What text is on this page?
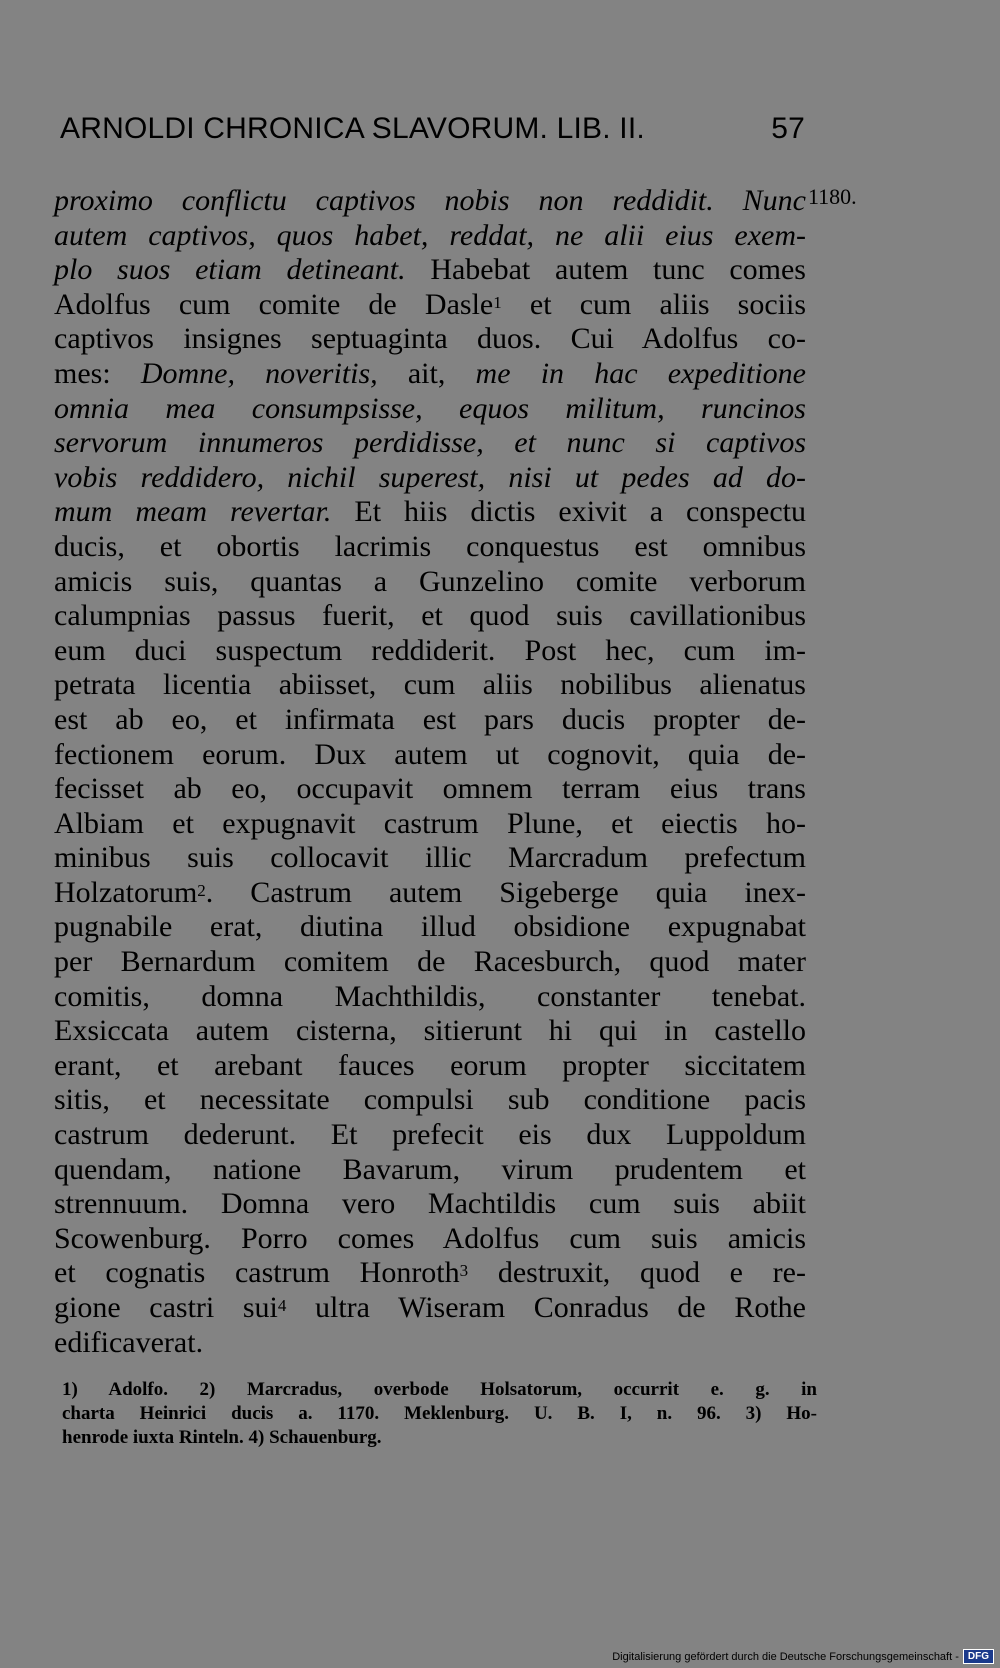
ARNOLDI CHRONICA SLAVORUM. LIB. II.	57
1180.
proximo conflictu captivos nobis non reddidit. Nunc
autem captivos, quos habet, reddat, ne alii eius exem-
plo suos etiam detineant. Habebat autem tunc comes
Adolfus cum comite de Dasle$^1$ et cum aliis sociis
captivos insignes septuaginta duos. Cui Adolfus co-
mes: Domne, noveritis, ait, me in hac expeditione
omnia mea consumpsisse, equos militum, runcinos
servorum innumeros perdidisse, et nunc si captivos
vobis reddidero, nichil superest, nisi ut pedes ad do-
mum meam revertar. Et hiis dictis exivit a conspectu
ducis, et obortis lacrimis conquestus est omnibus
amicis suis, quantas a Gunzelino comite verborum
calumpnias passus fuerit, et quod suis cavillationibus
eum duci suspectum reddiderit. Post hec, cum im-
petrata licentia abiisset, cum aliis nobilibus alienatus
est ab eo, et infirmata est pars ducis propter de-
fectionem eorum. Dux autem ut cognovit, quia de-
fecisset ab eo, occupavit omnem terram eius trans
Albiam et expugnavit castrum Plune, et eiectis ho-
minibus suis collocavit illic Marcradum prefectum
Holzatorum$^2$. Castrum autem Sigeberge quia inex-
pugnabile erat, diutina illud obsidione expugnabat
per Bernardum comitem de Racesburch, quod mater
comitis, domna Machthildis, constanter tenebat.
Exsiccata autem cisterna, sitierunt hi qui in castello
erant, et arebant fauces eorum propter siccitatem
sitis, et necessitate compulsi sub conditione pacis
castrum dederunt. Et prefecit eis dux Luppoldum
quendam, natione Bavarum, virum prudentem et
strennuum. Domna vero Machtildis cum suis abiit
Scowenburg. Porro comes Adolfus cum suis amicis
et cognatis castrum Honroth$^3$ destruxit, quod e re-
gione castri sui$^4$ ultra Wiseram Conradus de Rothe
edificaverat.
1) Adolfo. 2) Marcradus, overbode Holsatorum, occurrit e. g. in
charta Heinrici ducis a. 1170. Meklenburg. U. B. I, n. 96. 3) Ho-
henrode iuxta Rinteln. 4) Schauenburg.
Digitalisierung gefördert durch die Deutsche Forschungsgemeinschaft - DFG
